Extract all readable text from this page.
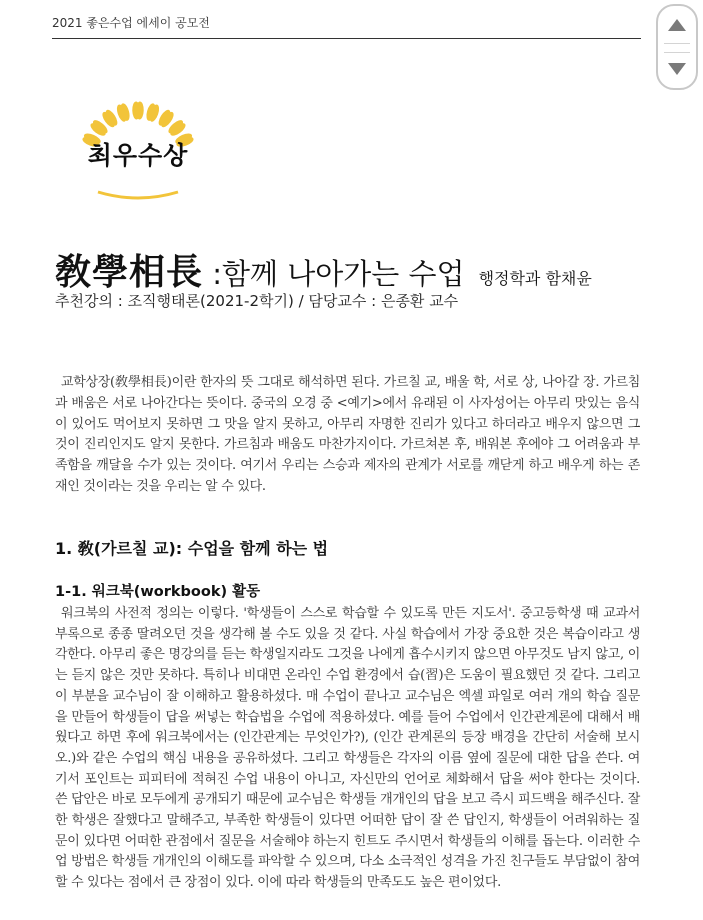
2021 좋은수업 에세이 공모전
최우수상
敎學相長 :함께 나아가는 수업 행정학과 함채윤
추천강의 : 조직행태론(2021-2학기) / 담당교수 : 은종환 교수

교학상장(敎學相長)이란 한자의 뜻 그대로 해석하면 된다. 가르칠 교, 배울 학, 서로 상, 나아갈 장. 가르침과 배움은 서로 나아간다는 뜻이다. 중국의 오경 중 <예기>에서 유래된 이 사자성어는 아무리 맛있는 음식이 있어도 먹어보지 못하면 그 맛을 알지 못하고, 아무리 자명한 진리가 있다고 하더라고 배우지 않으면 그것이 진리인지도 알지 못한다. 가르침과 배움도 마찬가지이다. 가르쳐본 후, 배워본 후에야 그 어려움과 부족함을 깨달을 수가 있는 것이다. 여기서 우리는 스승과 제자의 관계가 서로를 깨닫게 하고 배우게 하는 존재인 것이라는 것을 우리는 알 수 있다.

1. 敎(가르칠 교): 수업을 함께 하는 법
1-1. 워크북(workbook) 활동

워크북의 사전적 정의는 이렇다. '학생들이 스스로 학습할 수 있도록 만든 지도서'. 중고등학생 때 교과서 부록으로 종종 딸려오던 것을 생각해 볼 수도 있을 것 같다. 사실 학습에서 가장 중요한 것은 복습이라고 생각한다. 아무리 좋은 명강의를 듣는 학생일지라도 그것을 나에게 흡수시키지 않으면 아무것도 남지 않고, 이는 듣지 않은 것만 못하다. 특히나 비대면 온라인 수업 환경에서 습(習)은 도움이 필요했던 것 같다. 그리고 이 부분을 교수님이 잘 이해하고 활용하셨다. 매 수업이 끝나고 교수님은 엑셀 파일로 여러 개의 학습 질문을 만들어 학생들이 답을 써넣는 학습법을 수업에 적용하셨다. 예를 들어 수업에서 인간관계론에 대해서 배웠다고 하면 후에 워크북에서는 (인간관계는 무엇인가?), (인간 관계론의 등장 배경을 간단히 서술해 보시오.)와 같은 수업의 핵심 내용을 공유하셨다. 그리고 학생들은 각자의 이름 옆에 질문에 대한 답을 쓴다. 여기서 포인트는 피피터에 적혀진 수업 내용이 아니고, 자신만의 언어로 체화해서 답을 써야 한다는 것이다. 쓴 답안은 바로 모두에게 공개되기 때문에 교수님은 학생들 개개인의 답을 보고 즉시 피드백을 해주신다. 잘한 학생은 잘했다고 말해주고, 부족한 학생들이 있다면 어떠한 답이 잘 쓴 답인지, 학생들이 어려워하는 질문이 있다면 어떠한 관점에서 질문을 서술해야 하는지 힌트도 주시면서 학생들의 이해를 돕는다. 이러한 수업 방법은 학생들 개개인의 이해도를 파악할 수 있으며, 다소 소극적인 성격을 가진 친구들도 부담없이 참여할 수 있다는 점에서 큰 장점이 있다. 이에 따라 학생들의 만족도도 높은 편이었다.
